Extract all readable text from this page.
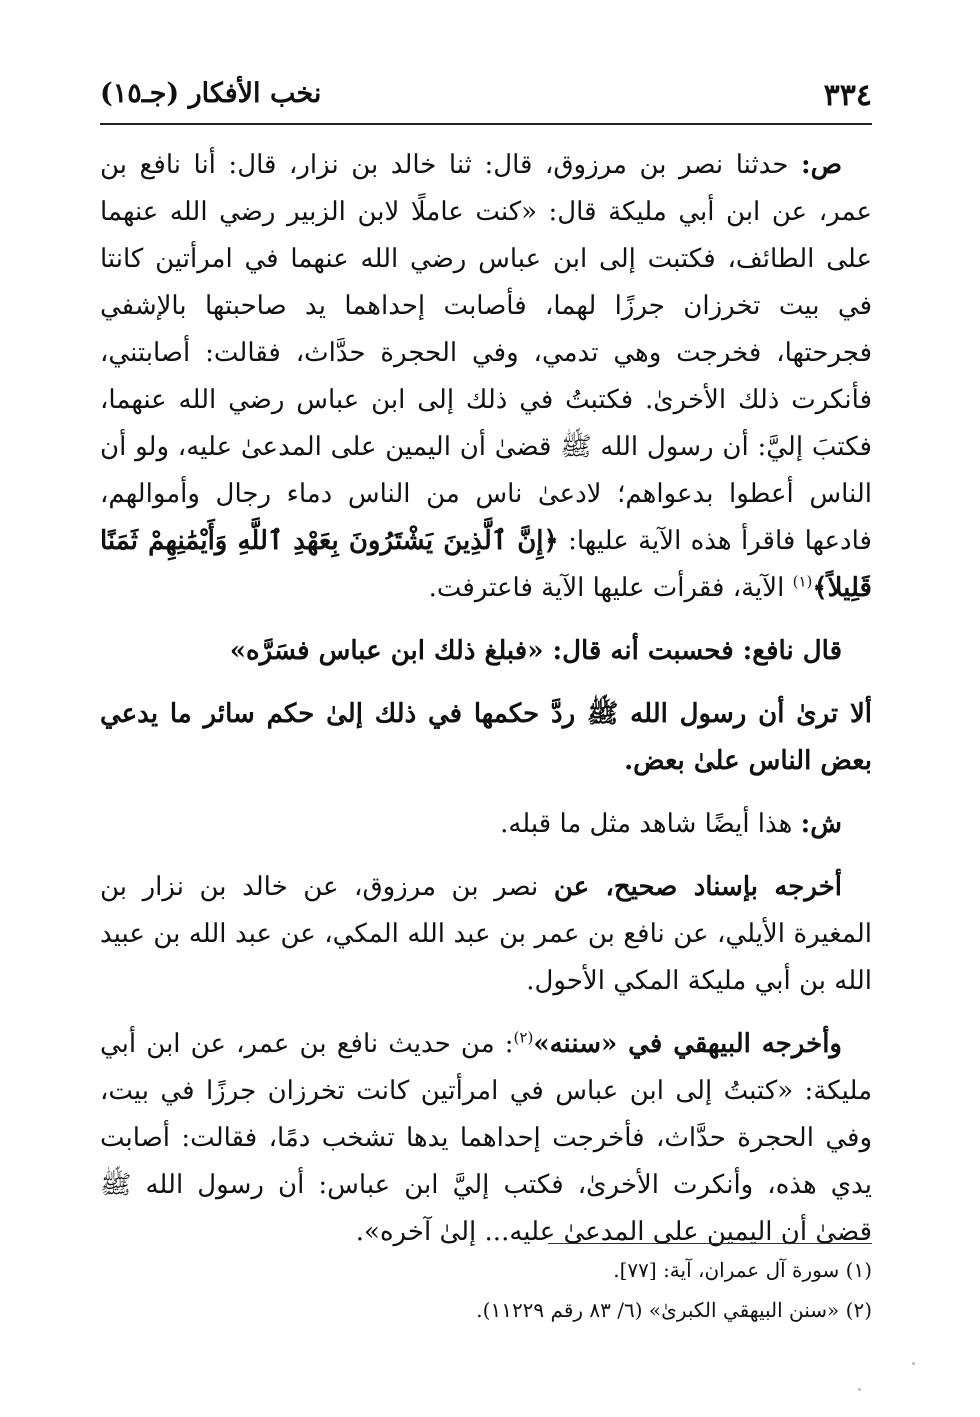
٣٣٤
نخب الأفكار (جـ١٥)

ص: حدثنا نصر بن مرزوق، قال: ثنا خالد بن نزار، قال: أنا نافع بن عمر، عن ابن أبي مليكة قال: «كنت عاملًا لابن الزبير رضي الله عنهما على الطائف، فكتبت إلى ابن عباس رضي الله عنهما في امرأتين كانتا في بيت تخرزان جرزًا لهما، فأصابت إحداهما يد صاحبتها بالإشفي فجرحتها، فخرجت وهي تدمي، وفي الحجرة حدَّاث، فقالت: أصابتني، فأنكرت ذلك الأخرىٰ. فكتبتُ في ذلك إلى ابن عباس رضي الله عنهما، فكتبَ إليَّ: أن رسول الله ﷺ قضىٰ أن اليمين على المدعىٰ عليه، ولو أن الناس أعطوا بدعواهم؛ لادعىٰ ناس من الناس دماء رجال وأموالهم، فادعها فاقرأ هذه الآية عليها: ﴿إِنَّ ٱلَّذِينَ يَشْتَرُونَ بِعَهْدِ ٱللَّهِ وَأَيْمَٰنِهِمْ ثَمَنًا قَلِيلاً﴾$^{(١)}$ الآية، فقرأت عليها الآية فاعترفت.

قال نافع: فحسبت أنه قال: «فبلغ ذلك ابن عباس فسَرَّه»

ألا ترىٰ أن رسول الله ﷺ ردَّ حكمها في ذلك إلىٰ حكم سائر ما يدعي بعض الناس علىٰ بعض.

ش: هذا أيضًا شاهد مثل ما قبله.

أخرجه بإسناد صحيح، عن نصر بن مرزوق، عن خالد بن نزار بن المغيرة الأيلي، عن نافع بن عمر بن عبد الله المكي، عن عبد الله بن عبيد الله بن أبي مليكة المكي الأحول.

وأخرجه البيهقي في «سننه»$^{(٢)}$: من حديث نافع بن عمر، عن ابن أبي مليكة: «كتبتُ إلى ابن عباس في امرأتين كانت تخرزان جرزًا في بيت، وفي الحجرة حدَّاث، فأخرجت إحداهما يدها تشخب دمًا، فقالت: أصابت يدي هذه، وأنكرت الأخرىٰ، فكتب إليَّ ابن عباس: أن رسول الله ﷺ قضىٰ أن اليمين على المدعىٰ عليه... إلىٰ آخره».

(١) سورة آل عمران، آية: [٧٧].

(٢) «سنن البيهقي الكبرىٰ» (٦/ ٨٣ رقم ١١٢٢٩).
